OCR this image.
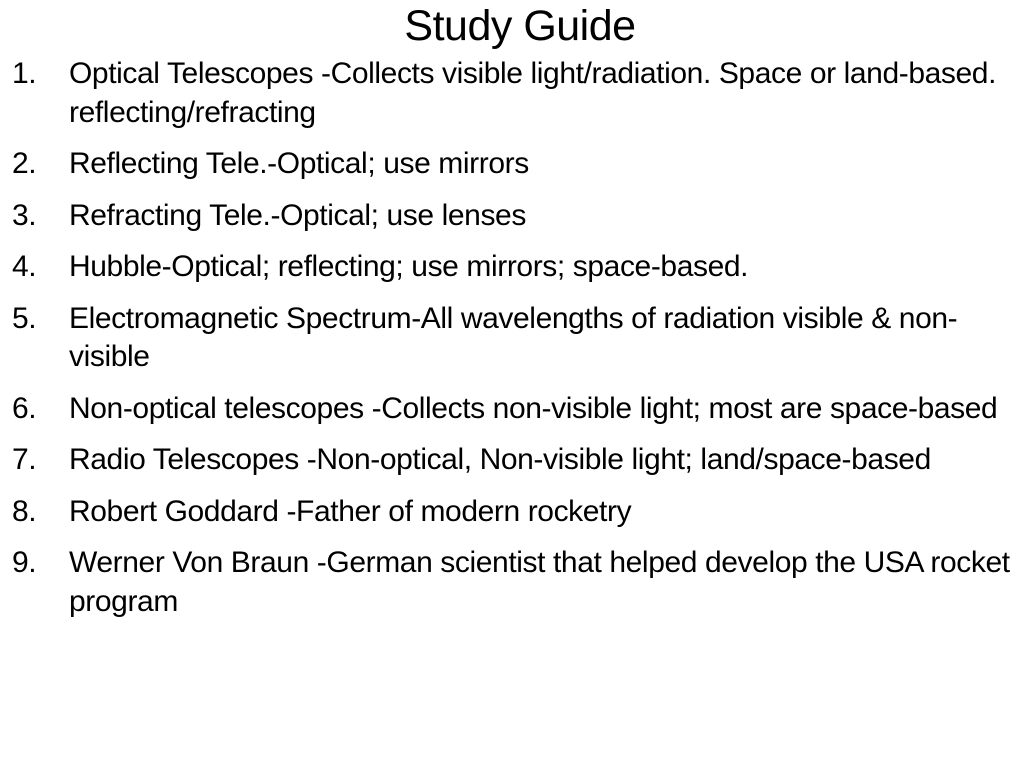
Study Guide
1. Optical Telescopes -Collects visible light/radiation. Space or land-based. reflecting/refracting
2. Reflecting Tele.-Optical; use mirrors
3. Refracting Tele.-Optical; use lenses
4. Hubble-Optical; reflecting; use mirrors; space-based.
5. Electromagnetic Spectrum-All wavelengths of radiation visible & non-visible
6. Non-optical telescopes -Collects non-visible light; most are space-based
7. Radio Telescopes -Non-optical, Non-visible light; land/space-based
8. Robert Goddard -Father of modern rocketry
9. Werner Von Braun -German scientist that helped develop the USA rocket program
